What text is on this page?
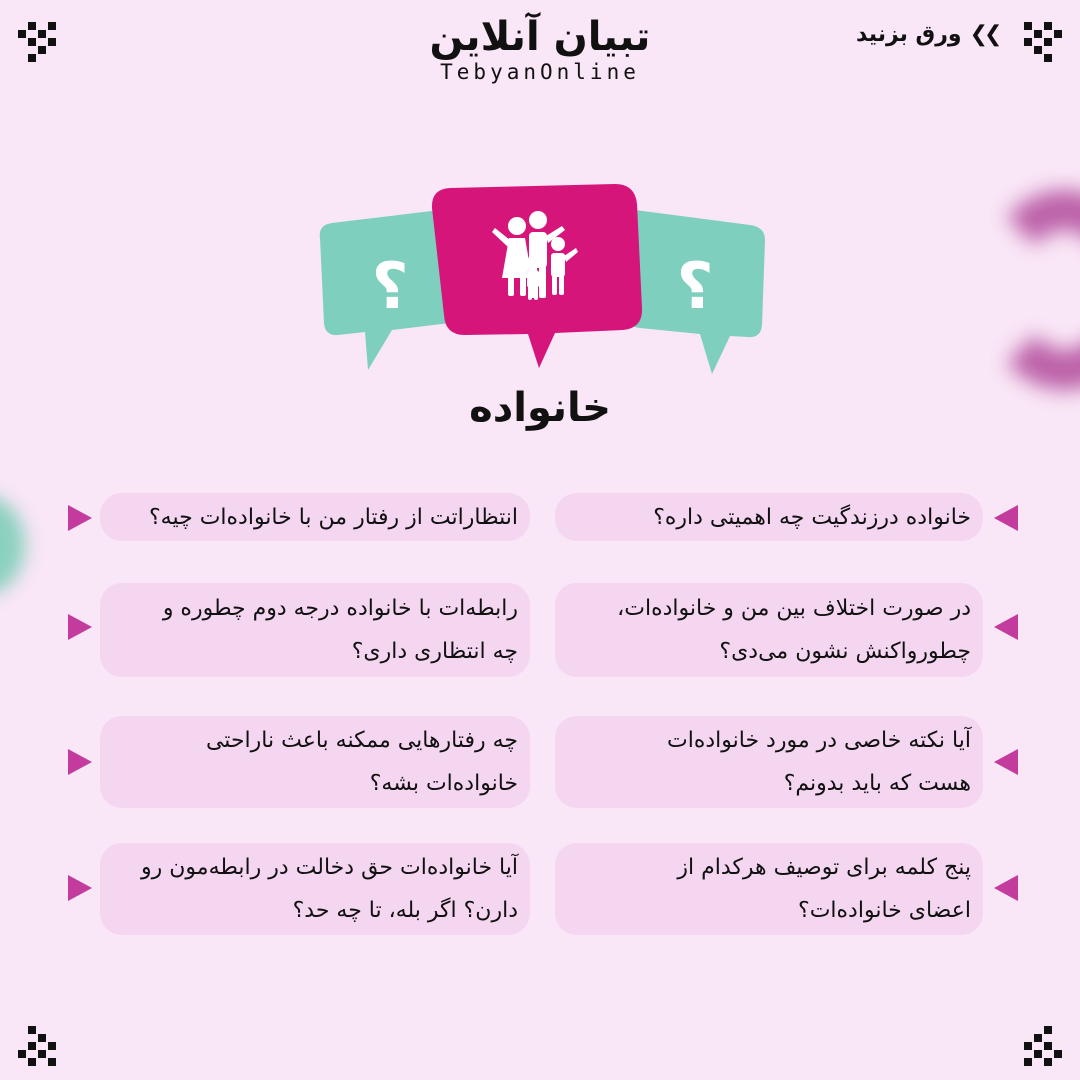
تبیان آنلاین
TebyanOnline
❯❯
ورق بزنید
؟	؟
خانواده
خانواده درزندگیت چه اهمیتی داره؟
انتظاراتت از رفتار من با خانواده‌ات چیه؟
در صورت اختلاف بین من و خانواده‌ات،
چطورواکنش نشون می‌دی؟
رابطه‌ات با خانواده درجه دوم چطوره و
چه انتظاری داری؟
آیا نکته خاصی در مورد خانواده‌ات
هست که باید بدونم؟
چه رفتارهایی ممکنه باعث ناراحتی
خانواده‌ات بشه؟
پنج کلمه برای توصیف هرکدام از
اعضای خانواده‌ات؟
آیا خانواده‌ات حق دخالت در رابطه‌مون رو
دارن؟ اگر بله، تا چه حد؟
